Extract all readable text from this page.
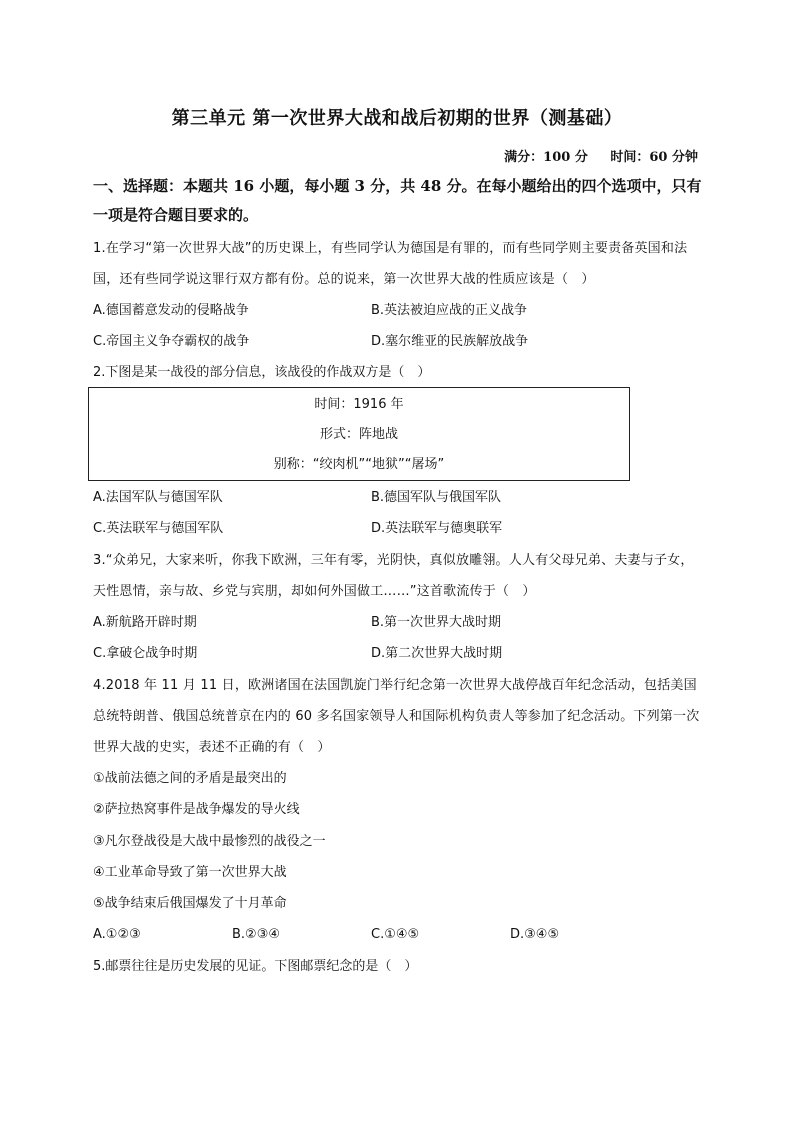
第三单元 第一次世界大战和战后初期的世界（测基础）
满分：100 分 时间：60 分钟
一、选择题：本题共 16 小题，每小题 3 分，共 48 分。在每小题给出的四个选项中，只有一项是符合题目要求的。
1.在学习“第一次世界大战”的历史课上，有些同学认为德国是有罪的，而有些同学则主要责备英国和法国，还有些同学说这罪行双方都有份。总的说来，第一次世界大战的性质应该是（　）
A.德国蓄意发动的侵略战争	B.英法被迫应战的正义战争
C.帝国主义争夺霸权的战争	D.塞尔维亚的民族解放战争
2.下图是某一战役的部分信息，该战役的作战双方是（　）
时间：1916 年
形式：阵地战
别称：“绞肉机”“地狱”“屠场”
A.法国军队与德国军队	B.德国军队与俄国军队
C.英法联军与德国军队	D.英法联军与德奥联军
3.“众弟兄，大家来听，你我下欧洲，三年有零，光阴快，真似放雕翎。人人有父母兄弟、夫妻与子女，天性恩情，亲与故、乡党与宾朋，却如何外国做工……”这首歌流传于（　）
A.新航路开辟时期	B.第一次世界大战时期
C.拿破仑战争时期	D.第二次世界大战时期
4.2018 年 11 月 11 日，欧洲诸国在法国凯旋门举行纪念第一次世界大战停战百年纪念活动，包括美国总统特朗普、俄国总统普京在内的 60 多名国家领导人和国际机构负责人等参加了纪念活动。下列第一次世界大战的史实，表述不正确的有（　）
①战前法德之间的矛盾是最突出的
②萨拉热窝事件是战争爆发的导火线
③凡尔登战役是大战中最惨烈的战役之一
④工业革命导致了第一次世界大战
⑤战争结束后俄国爆发了十月革命
A.①②③	B.②③④	C.①④⑤	D.③④⑤
5.邮票往往是历史发展的见证。下图邮票纪念的是（　）
